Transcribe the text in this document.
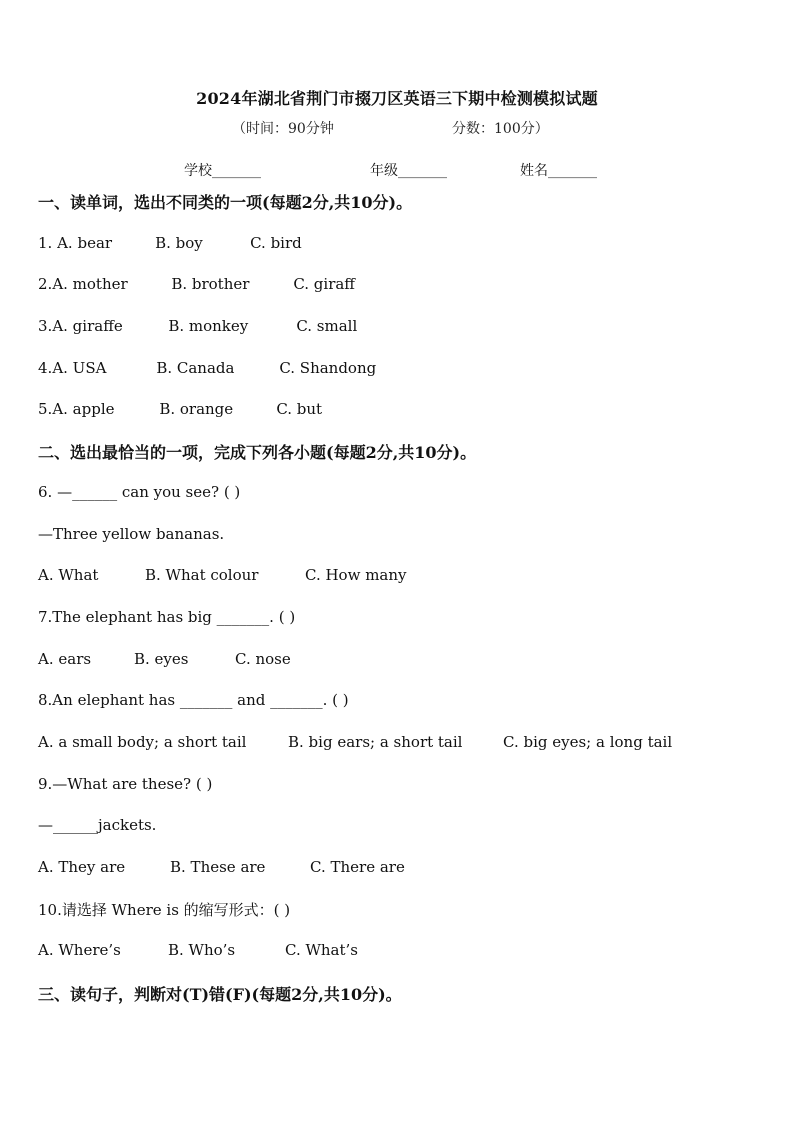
2024年湖北省荆门市掇刀区英语三下期中检测模拟试题
（时间：90分钟	分数：100分）
学校_______	年级_______	姓名_______
一、读单词，选出不同类的一项(每题2分,共10分)。
1. A. bear	B. boy	C. bird
2.A. mother	B. brother	C. giraff
3.A. giraffe	B. monkey	C. small
4.A. USA	B. Canada	C. Shandong
5.A. apple	B. orange	C. but
二、选出最恰当的一项，完成下列各小题(每题2分,共10分)。
6. —______ can you see? ( )
—Three yellow bananas.
A. What	B. What colour	C. How many
7.The elephant has big _______. ( )
A. ears	B. eyes	C. nose
8.An elephant has _______ and _______. ( )
A. a small body; a short tail	B. big ears; a short tail	C. big eyes; a long tail
9.—What are these? ( )
—______jackets.
A. They are	B. These are	C. There are
10.请选择 Where is 的缩写形式：( )
A. Where’s	B. Who’s	C. What’s
三、读句子，判断对(T)错(F)(每题2分,共10分)。
